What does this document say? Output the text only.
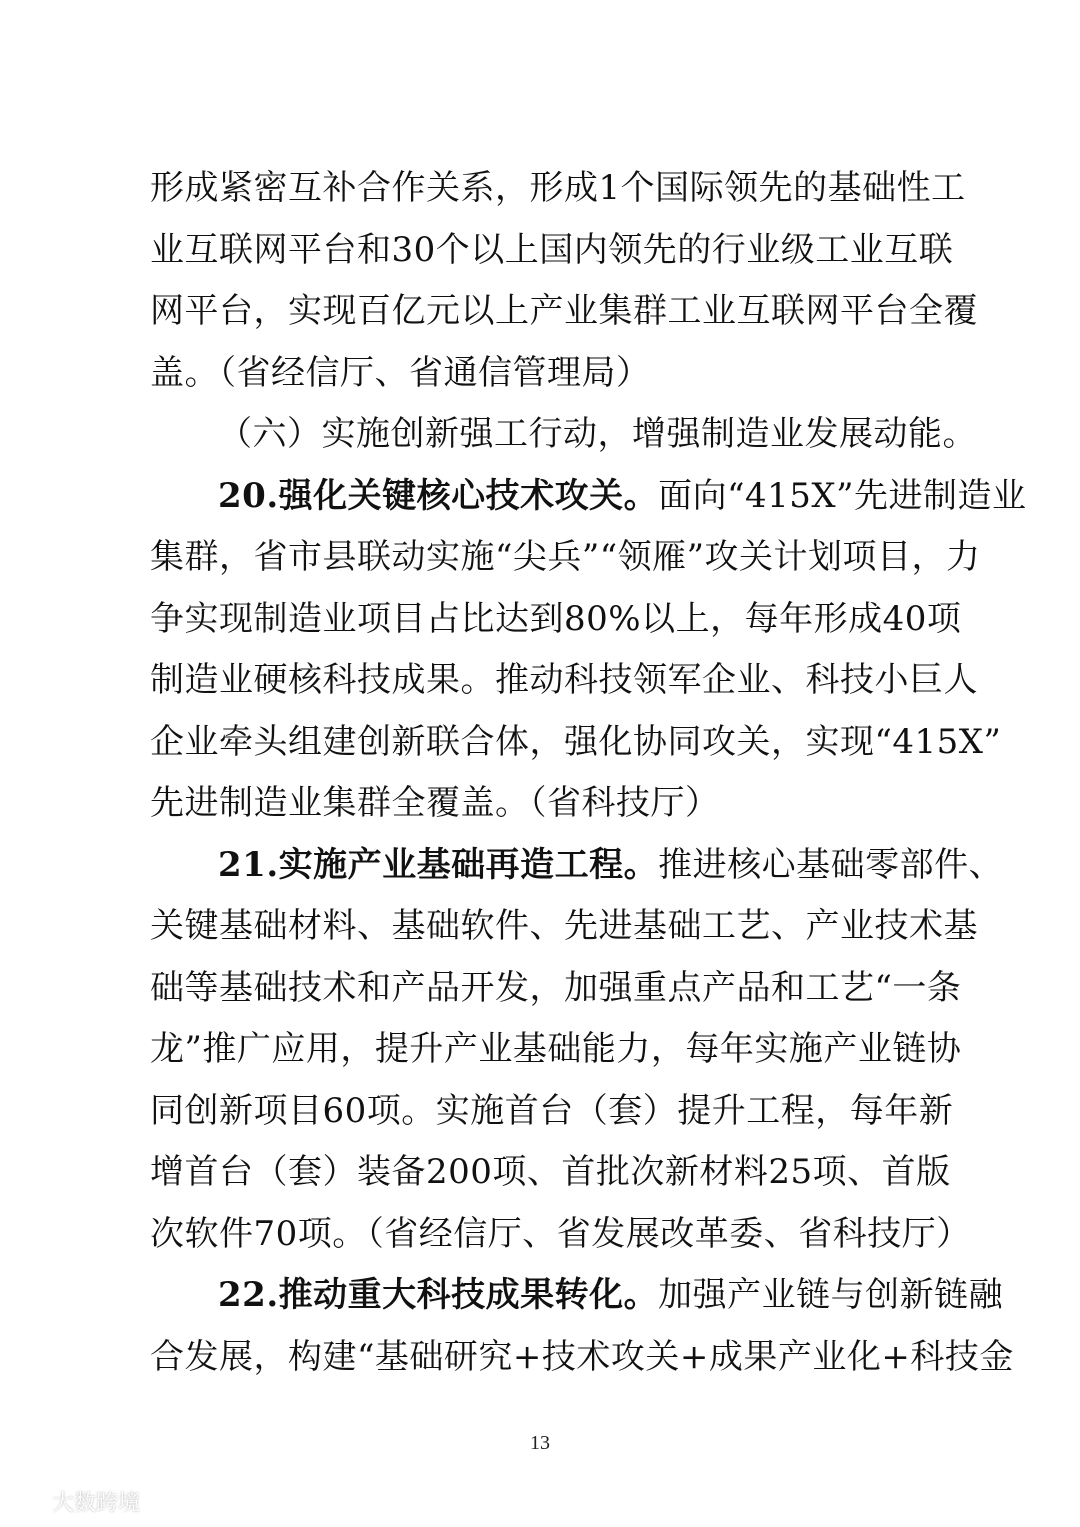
形成紧密互补合作关系，形成1个国际领先的基础性工
业互联网平台和30个以上国内领先的行业级工业互联
网平台，实现百亿元以上产业集群工业互联网平台全覆
盖。（省经信厅、省通信管理局）
（六）实施创新强工行动，增强制造业发展动能。
20.强化关键核心技术攻关。面向“415X”先进制造业
集群，省市县联动实施“尖兵”“领雁”攻关计划项目，力
争实现制造业项目占比达到80%以上，每年形成40项
制造业硬核科技成果。推动科技领军企业、科技小巨人
企业牵头组建创新联合体，强化协同攻关，实现“415X”
先进制造业集群全覆盖。（省科技厅）
21.实施产业基础再造工程。推进核心基础零部件、
关键基础材料、基础软件、先进基础工艺、产业技术基
础等基础技术和产品开发，加强重点产品和工艺“一条
龙”推广应用，提升产业基础能力，每年实施产业链协
同创新项目60项。实施首台（套）提升工程，每年新
增首台（套）装备200项、首批次新材料25项、首版
次软件70项。（省经信厅、省发展改革委、省科技厅）
22.推动重大科技成果转化。加强产业链与创新链融
合发展，构建“基础研究+技术攻关+成果产业化+科技金
13
大数跨境
